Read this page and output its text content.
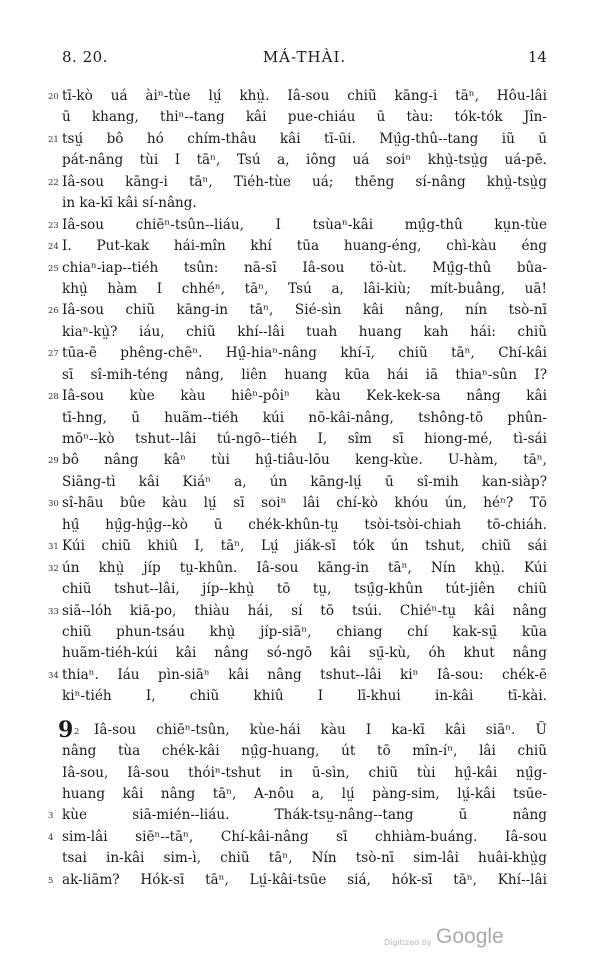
8. 20.	MÁ-THÀI.	14
20 tī-kò uá àiⁿ-tùe lṳ́ khṳ̀. Iâ-sou chiũ kāng-i tāⁿ, Hôu-lâi
ū khang, thiⁿ--tang kâi pue-chiáu ū tàu: tók-tók Jîn-
21 tsṳ́ bô hó chím-thâu kâi tī-ūi. Mṳ̂g-thû--tang iũ ū
pát-nâng tùi I tāⁿ, Tsú a, iông uá soiⁿ khṳ̀-tsṳ̀g uá-pē.
22 Iâ-sou kāng-i tāⁿ, Tiéh-tùe uá; thēng sí-nâng khṳ̀-tsṳ̀g
in ka-kī kâi sí-nâng.
23 Iâ-sou chiēⁿ-tsûn--liáu, I tsùaⁿ-kâi mṳ̂g-thû kṳn-tùe
24 I. Put-kak hái-mîn khí tūa huang-éng, chì-kàu éng
25 chiaⁿ-iap--tiéh tsûn: nā-sī Iâ-sou tö-ùt. Mṳ̂g-thû bûa-
khṳ̀ hàm I chhéⁿ, tāⁿ, Tsú a, lâi-kiù; mít-buâng, uā!
26 Iâ-sou chiũ kāng-in tāⁿ, Sié-sìn kâi nâng, nín tsò-nī
kiaⁿ-kṳ̀? iáu, chiũ khí--lâi tuah huang kah hái: chiũ
27 tūa-ē phêng-chēⁿ. Hṳ̂-hiaⁿ-nâng khí-ī, chiũ tāⁿ, Chí-kâi
sī sî-mih-téng nâng, liên huang kūa hái iā thiaⁿ-sûn I?
28 Iâ-sou kùe kàu hiêⁿ-pôiⁿ kàu Kek-kek-sa nâng kâi
tī-hng, ū huãm--tiéh kúi nō-kâi-nâng, tshông-tō phûn-
mōⁿ--kò tshut--lâi tú-ngō--tiéh I, sîm sī hiong-mé, tì-sái
29 bô nâng kâⁿ tùi hṳ̂-tiâu-lōu keng-kùe. U-hàm, tāⁿ,
Siāng-tì kâi Kiáⁿ a, ún kāng-lṳ́ ū sî-mih kan-siàp?
30 sî-hāu bûe kàu lṳ́ sī soiⁿ lâi chí-kò khóu ún, héⁿ? Tō
hṳ̂ hṳ̂g-hṳ̂g--kò ū chék-khûn-tṳ tsòi-tsòi-chiah tō-chiáh.
31 Kúi chiũ khiû I, tāⁿ, Lṳ́ jiák-sī tók ún tshut, chiũ sái
32 ún khṳ̀ jíp tṳ-khûn. Iâ-sou kāng-in tāⁿ, Nín khṳ̀. Kúi
chiũ tshut--lâi, jíp--khṳ̀ tō tṳ, tsṳ̂g-khûn tút-jiên chiũ
33 siā--lóh kiā-po, thiàu hái, sí tō tsúi. Chiéⁿ-tṳ kâi nâng
chiũ phun-tsáu khṳ̀ jíp-siāⁿ, chiang chí kak-sṳ̄ kūa
huãm-tiéh-kúi kâi nâng só-ngō kâi sṳ̄-kù, óh khut nâng
34 thiaⁿ. Iáu pìn-siāⁿ kâi nâng tshut--lâi kiⁿ Iâ-sou: chék-ē
kiⁿ-tiéh I, chiũ khiû I lī-khui in-kâi tī-kài.
9 2 Iâ-sou chiēⁿ-tsûn, kùe-hái kàu I ka-kī kâi siāⁿ. Ũ
nâng tùa chék-kâi nṳ̂g-huang, út tō mîn-íⁿ, lâi chiũ
Iâ-sou, Iâ-sou thóiⁿ-tshut in ū-sìn, chiũ tùi hṳ̂-kâi nṳ̂g-
huang kâi nâng tāⁿ, A-nôu a, lṳ́ pàng-sim, lṳ́-kâi tsūe-
3 kùe siā-mién--liáu. Thák-tsṳ-nâng--tang ū nâng
4 sim-lâi siēⁿ--tāⁿ, Chí-kâi-nâng sī chhiàm-buáng. Iâ-sou
tsai in-kâi sim-ì, chiũ tāⁿ, Nín tsò-nī sim-lâi huâi-khṳ̀g
5 ak-liām? Hók-sī tāⁿ, Lṳ́-kâi-tsūe siá, hók-sī tāⁿ, Khí--lâi
Digitized by Google
